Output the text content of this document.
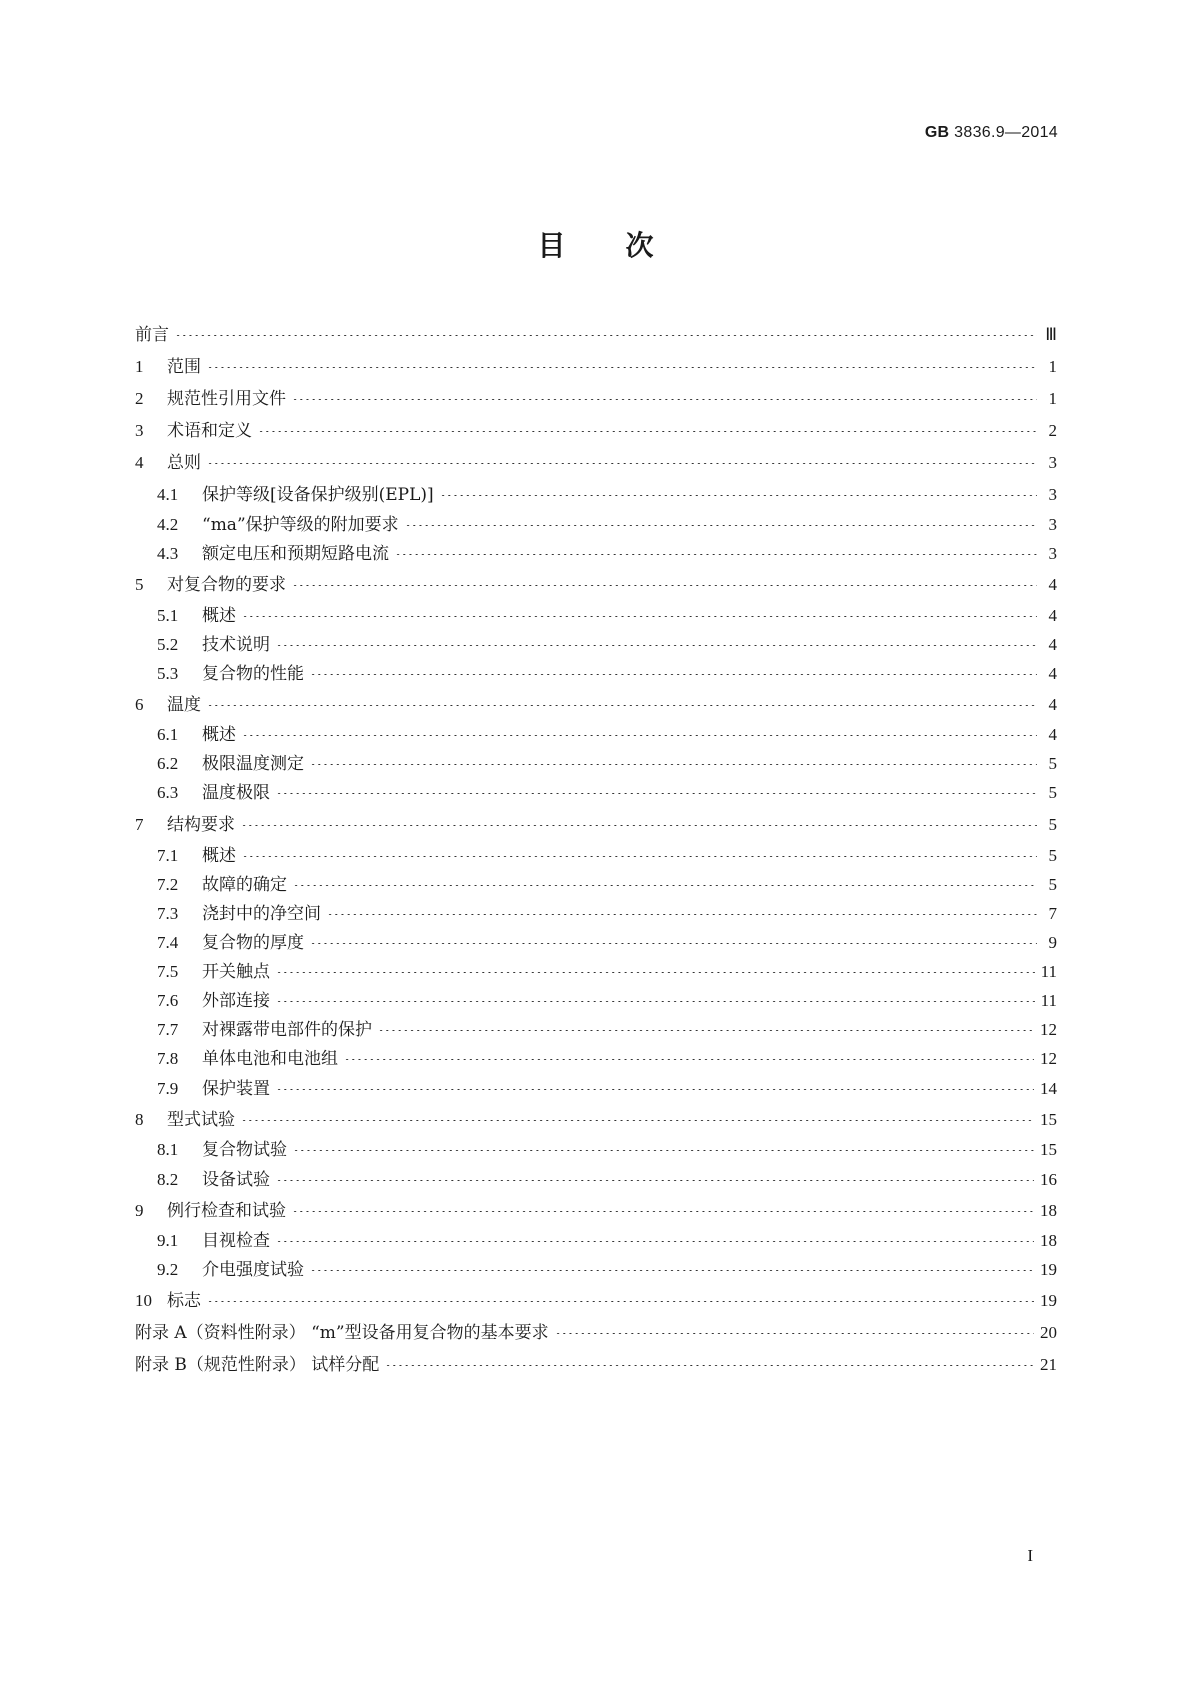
GB 3836.9—2014
目次
前言	Ⅲ
1	范围	1
2	规范性引用文件	1
3	术语和定义	2
4	总则	3
4.1	保护等级[设备保护级别(EPL)]	3
4.2	“ma”保护等级的附加要求	3
4.3	额定电压和预期短路电流	3
5	对复合物的要求	4
5.1	概述	4
5.2	技术说明	4
5.3	复合物的性能	4
6	温度	4
6.1	概述	4
6.2	极限温度测定	5
6.3	温度极限	5
7	结构要求	5
7.1	概述	5
7.2	故障的确定	5
7.3	浇封中的净空间	7
7.4	复合物的厚度	9
7.5	开关触点	11
7.6	外部连接	11
7.7	对裸露带电部件的保护	12
7.8	单体电池和电池组	12
7.9	保护装置	14
8	型式试验	15
8.1	复合物试验	15
8.2	设备试验	16
9	例行检查和试验	18
9.1	目视检查	18
9.2	介电强度试验	19
10 标志	19
附录 A（资料性附录） “m”型设备用复合物的基本要求	20
附录 B（规范性附录） 试样分配	21
I
